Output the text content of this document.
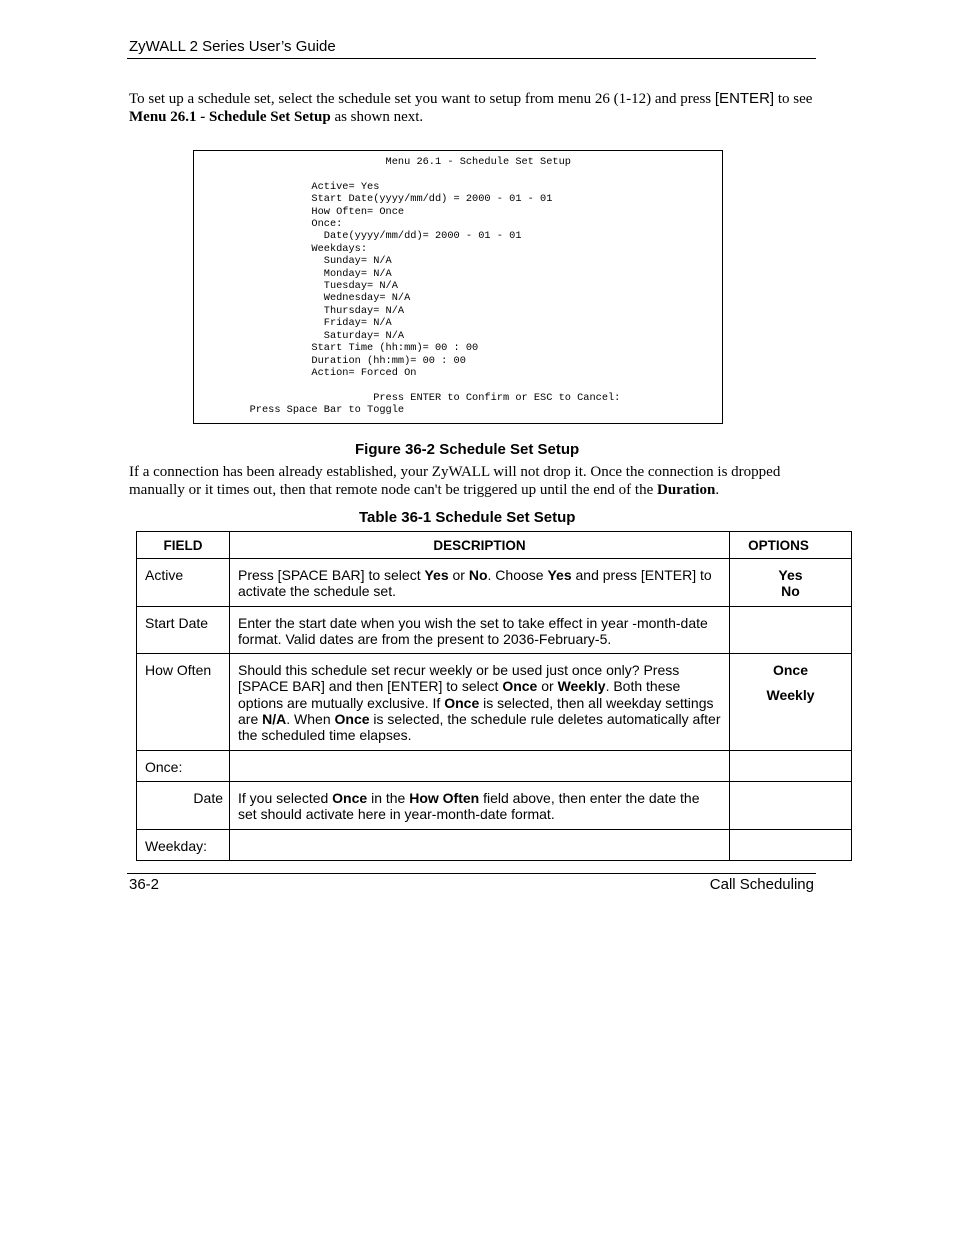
ZyWALL 2 Series User’s Guide
To set up a schedule set, select the schedule set you want to setup from menu 26 (1-12) and press [ENTER] to see Menu 26.1 - Schedule Set Setup as shown next.
Menu 26.1 - Schedule Set Setup

Active= Yes
Start Date(yyyy/mm/dd) = 2000 - 01 - 01
How Often= Once
Once:
Date(yyyy/mm/dd)= 2000 - 01 - 01
Weekdays:
Sunday= N/A
Monday= N/A
Tuesday= N/A
Wednesday= N/A
Thursday= N/A
Friday= N/A
Saturday= N/A
Start Time (hh:mm)= 00 : 00
Duration (hh:mm)= 00 : 00
Action= Forced On

Press ENTER to Confirm or ESC to Cancel:
Press Space Bar to Toggle
Figure 36-2 Schedule Set Setup
If a connection has been already established, your ZyWALL will not drop it. Once the connection is dropped manually or it times out, then that remote node can't be triggered up until the end of the Duration.
Table 36-1 Schedule Set Setup
FIELD	DESCRIPTION	OPTIONS
Active	Press [SPACE BAR] to select Yes or No. Choose Yes and press [ENTER] to activate the schedule set.	Yes
No

Start Date	Enter the start date when you wish the set to take effect in year -month-date format. Valid dates are from the present to 2036-February-5.	
How Often	Should this schedule set recur weekly or be used just once only? Press [SPACE BAR] and then [ENTER] to select Once or Weekly. Both these options are mutually exclusive. If Once is selected, then all weekday settings are N/A. When Once is selected, the schedule rule deletes automatically after the scheduled time elapses.	Once
Weekly

Once:		
Date	If you selected Once in the How Often field above, then enter the date the set should activate here in year-month-date format.	
Weekday:		
36-2	Call Scheduling
